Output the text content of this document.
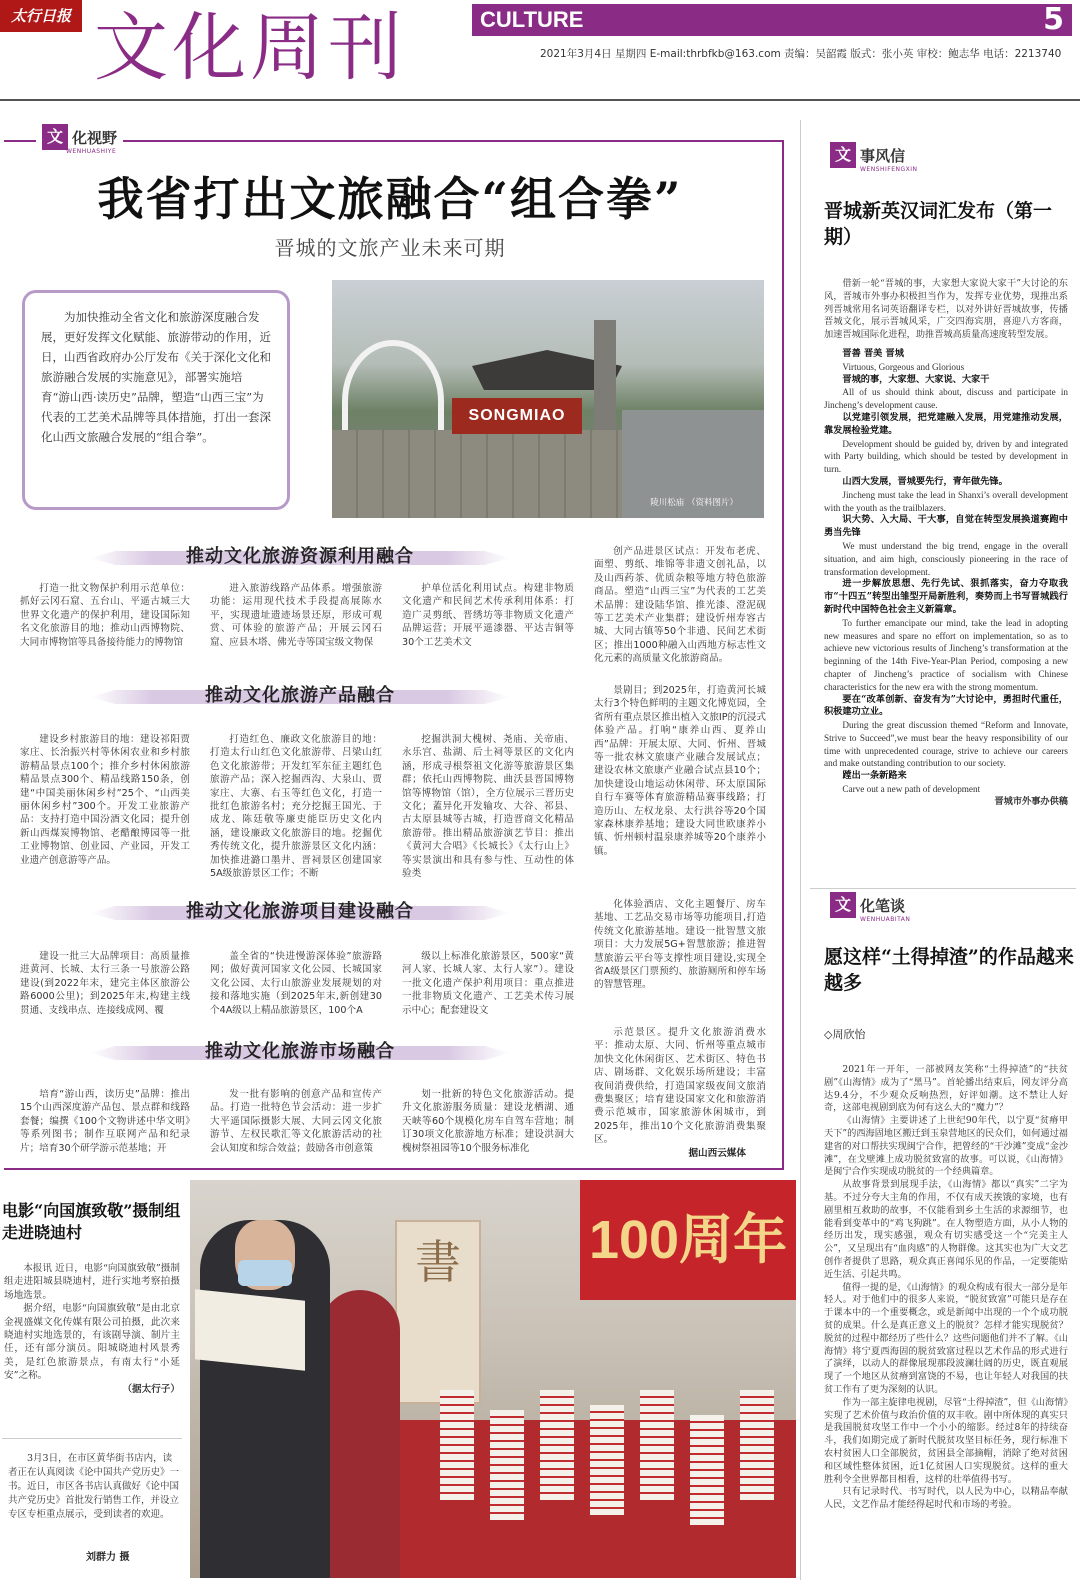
太行日报 文化周刊	CULTURE	5
2021年3月4日 星期四 E-mail:thrbfkb@163.com 责编：吴韶霞 版式：张小英 审校：鲍志华 电话：2213740
文 化视野
WENHUASHIYE
我省打出文旅融合“组合拳”
晋城的文旅产业未来可期
为加快推动全省文化和旅游深度融合发展，更好发挥文化赋能、旅游带动的作用，近日，山西省政府办公厅发布《关于深化文化和旅游融合发展的实施意见》，部署实施培育“游山西·读历史”品牌，塑造“山西三宝”为代表的工艺美术品牌等具体措施，打出一套深化山西文旅融合发展的“组合拳”。
SONGMIAO
陵川松庙 （资料图片）
推动文化旅游资源利用融合
打造一批文物保护利用示范单位：抓好云冈石窟、五台山、平遥古城三大世界文化遗产的保护利用，建设国际知名文化旅游目的地；推动山西博物院、大同市博物馆等具备接待能力的博物馆
进入旅游线路产品体系。增强旅游功能：运用现代技术手段提高展陈水平，实现遗址遗迹场景还原，形成可观赏、可体验的旅游产品；开展云冈石窟、应县木塔、佛光寺等国宝级文物保
护单位活化利用试点。构建非物质文化遗产和民间艺术传承利用体系：打造广灵剪纸、晋绣坊等非物质文化遗产品牌运营；开展平遥漆器、平达吉铜等30个工艺美术文
创产品进景区试点：开发布老虎、面塑、剪纸、堆锦等非遗文创礼品，以及山西药茶、优质杂粮等地方特色旅游商品。塑造“山西三宝”为代表的工艺美术品牌：建设陆华馆、推光漆、澄泥砚等工艺美术产业集群；建设忻州寿容古城、大同古镇等50个非遗、民间艺术街区；推出1000种融入山西地方标志性文化元素的高质量文化旅游商品。
推动文化旅游产品融合
建设乡村旅游目的地：建设祁阳贾家庄、长治振兴村等休闲农业和乡村旅游精品景点100个；推介乡村休闲旅游精品景点300个、精品线路150条，创建“中国美丽休闲乡村”25个、“山西美丽休闲乡村”300个。开发工业旅游产品：支持打造中国汾酒文化园；提升创新山西煤炭博物馆、老醋酿博园等一批工业博物馆、创业园、产业园，开发工业遗产创意游等产品。
打造红色、廉政文化旅游目的地：打造太行山红色文化旅游带、吕梁山红色文化旅游带；开发红军东征主题红色旅游产品；深入挖掘西沟、大泉山、贾家庄、大寨、右玉等红色文化，打造一批红色旅游名村；充分挖掘王国光、于成龙、陈廷敬等廉吏能臣历史文化内涵，建设廉政文化旅游目的地。挖掘优秀传统文化，提升旅游景区文化内涵：加快推进潞口墨井、晋祠景区创建国家5A级旅游景区工作；不断
挖掘洪洞大槐树、尧庙、关帝庙、永乐宫、盐湖、后土祠等景区的文化内涵，形成寻根祭祖文化游等旅游景区集群；依托山西博物院、曲沃县晋国博物馆等博物馆（馆），全方位展示三晋历史文化；蓋异化开发输攻、大谷、祁县、古太原县城等古城，打造晋商文化精品旅游带。推出精品旅游演艺节目：推出《黄河大合唱》《长城长》《太行山上》等实景演出和具有参与性、互动性的体验类
景剧目；到2025年，打造黄河长城太行3个特色鲜明的主题文化博览园，全省所有重点景区推出植入文旅IP的沉浸式体验产品。打响“康养山西、夏养山西”品牌：开展太原、大同、忻州、晋城等一批农林文旅康产业融合发展试点；建设农林文旅康产业融合试点县10个；加快建设山地运动休闲带、环太原国际自行车赛等体育旅游精品赛事线路；打造历山、左权龙泉、太行洪谷等20个国家森林康养基地；建设大同世欧康养小镇、忻州顿村温泉康养城等20个康养小镇。
推动文化旅游项目建设融合
建设一批三大品牌项目：高质量推进黄河、长城、太行三条一号旅游公路建设(到2022年末，建完主体区旅游公路6000公里)；到2025年末,构建主线贯通、支线串点、连接线成网、覆
盖全省的“快进慢游深体验”旅游路网；做好黄河国家文化公园、长城国家文化公园、太行山旅游业发展规划的对接和落地实施（到2025年末,新创建30个4A级以上精品旅游景区，100个A
级以上标准化旅游景区，500家“黄河人家、长城人家、太行人家”）。建设一批文化遗产保护利用项目：重点推进一批非物质文化遗产、工艺美术传习展示中心；配套建设文
化体验酒店、文化主题餐厅、房车基地、工艺品交易市场等功能项目,打造传统文化旅游基地。建设一批智慧文旅项目：大力发展5G+智慧旅游；推进智慧旅游云平台等支撑性项目建设,实现全省A级景区门票预约、旅游厕所和停车场的智慧管理。
推动文化旅游市场融合
培育“游山西，读历史”品牌：推出15个山西深度游产品包、景点群和线路套餐；编撰《100个文物讲述中华文明》等系列图书；制作互联网产品和纪录片；培育30个研学游示范基地；开
发一批有影响的创意产品和宣传产品。打造一批特色节会活动：进一步扩大平遥国际摄影大展、大同云冈文化旅游节、左权民歌汇等文化旅游活动的社会认知度和综合效益；鼓励各市创意策
划一批新的特色文化旅游活动。提升文化旅游服务质量：建设龙栖湖、通天峡等60个规模化房车自驾车营地；制订30项文化旅游地方标准；建设洪洞大槐树祭祖园等10个服务标准化
示范景区。提升文化旅游消费水平：推动太原、大同、忻州等重点城市加快文化休闲街区、艺术街区、特色书店、剧场群、文化娱乐场所建设；丰富夜间消费供给，打造国家级夜间文旅消费集聚区；培育建设国家文化和旅游消费示范城市，国家旅游休闲城市，到2025年，推出10个文化旅游消费集聚区。
据山西云媒体
文 事风信
WENSHIFENGXIN
晋城新英汉词汇发布（第一期）

借新一轮“晋城的事，大家想大家说大家干”大讨论的东风，晋城市外事办积极担当作为，发挥专业优势，现推出系列晋城常用名词英语翻译专栏，以对外讲好晋城故事，传播晋城文化，展示晋城风采，广交四海宾朋，喜迎八方客商，加速晋城国际化进程，助推晋城高质量高速度转型发展。

晋善 晋美 晋城

Virtuous, Gorgeous and Glorious

晋城的事，大家想、大家说、大家干

All of us should think about, discuss and participate in Jincheng’s development cause.

以党建引领发展，把党建融入发展，用党建推动发展，靠发展检验党建。

Development should be guided by, driven by and integrated with Party building, which should be tested by development in turn.

山西大发展，晋城要先行，青年做先锋。

Jincheng must take the lead in Shanxi’s overall development with the youth as the trailblazers.

识大势、入大局、干大事，自觉在转型发展换道赛跑中勇当先锋

We must understand the big trend, engage in the overall situation, and aim high, consciously pioneering in the race of transformation development.

进一步解放思想、先行先试、狠抓落实，奋力夺取我市“十四五”转型出雏型开局新胜利，奏势而上书写晋城践行新时代中国特色社会主义新篇章。

To further emancipate our mind, take the lead in adopting new measures and spare no effort on implementation, so as to achieve new victorious results of Jincheng’s transformation at the beginning of the 14th Five-Year-Plan Period, composing a new chapter of Jincheng’s practice of socialism with Chinese characteristics for the new era with the strong momentum.

要在“改革创新、奋发有为”大讨论中，勇担时代重任，积极建功立业。

During the great discussion themed “Reform and Innovate, Strive to Succeed”,we must bear the heavy responsibility of our time with unprecedented courage, strive to achieve our careers and make outstanding contribution to our society.

蹚出一条新路来

Carve out a new path of development

晋城市外事办供稿

文 化笔谈
WENHUABITAN
愿这样“土得掉渣”的作品越来越多
◇周欣怡

2021年一开年，一部被网友笑称“土得掉渣”的“扶贫剧”《山海情》成为了“黑马”。首轮播出结束后，网友评分高达9.4分，不少观众反响热烈，好评如潮。这不禁让人好奇，这部电视剧到底为何有这么大的“魔力”？

《山海情》主要讲述了上世纪90年代，以宁夏“贫瘠甲天下”的西海固地区搬迁到玉泉营地区的民众们，如何通过福建省的对口帮扶实现闽宁合作，把曾经的“干沙滩”变成“金沙滩”，在戈壁滩上成功脱贫致富的故事。可以说，《山海情》是闽宁合作实现成功脱贫的一个经典篇章。

从故事背景到展现手法，《山海情》都以“真实”二字为基。不过分夸大主角的作用，不仅有成天挨饿的家境，也有剧里相互救助的故事，不仅能看到乡土生活的求源细节，也能看到变革中的“鸡飞狗跳”。在人物塑造方面，从小人物的经历出发，现实感强，观众有切实感受这一个“完美主人公”，又呈现出有“血肉感”的人物群像。这其实也为广大文艺创作者提供了思路，观众真正喜闻乐见的作品，一定要能贴近生活、引起共鸣。

值得一提的是，《山海情》的观众构成有很大一部分是年轻人。对于他们中的很多人来说，“脱贫致富”可能只是存在于课本中的一个重要概念，或是新闻中出现的一个个成功脱贫的成果。什么是真正意义上的脱贫？怎样才能实现脱贫？脱贫的过程中都经历了些什么？这些问题他们并不了解。《山海情》将宁夏西海固的脱贫致富过程以艺术作品的形式进行了演绎，以动人的群像展现那段波澜壮阔的历史，既直观展现了一个地区从贫瘠到富饶的不易，也让年轻人对我国的扶贫工作有了更为深刻的认识。

作为一部主旋律电视剧，尽管“土得掉渣”，但《山海情》实现了艺术价值与政治价值的双丰收。剧中所体现的真实只是我国脱贫攻坚工作中一个小小的缩影。经过8年的持续奋斗，我们如期完成了新时代脱贫攻坚目标任务，现行标准下农村贫困人口全部脱贫，贫困县全部摘帽，消除了绝对贫困和区域性整体贫困，近1亿贫困人口实现脱贫。这样的重大胜利令全世界都目相看，这样的壮举值得书写。

只有记录时代、书写时代，以人民为中心，以精品奉献人民，文艺作品才能经得起时代和市场的考验。

电影“向国旗致敬”摄制组走进晓迪村
本报讯 近日，电影“向国旗致敬”摄制组走进阳城县晓迪村，进行实地考察拍摄场地选景。
据介绍，电影“向国旗致敬”是由北京金视盛媒文化传媒有限公司拍摄，此次来晓迪村实地选景的，有该剧导演、制片主任，还有部分演员。阳城晓迪村风景秀美，是红色旅游景点，有南太行“小延安”之称。
（据太行子）
3月3日，在市区黄华街书店内，读者正在认真阅读《论中国共产党历史》一书。近日，市区各书店认真做好《论中国共产党历史》首批发行销售工作，并设立专区专柜重点展示，受到读者的欢迎。
刘群力 摄
100周年
書
